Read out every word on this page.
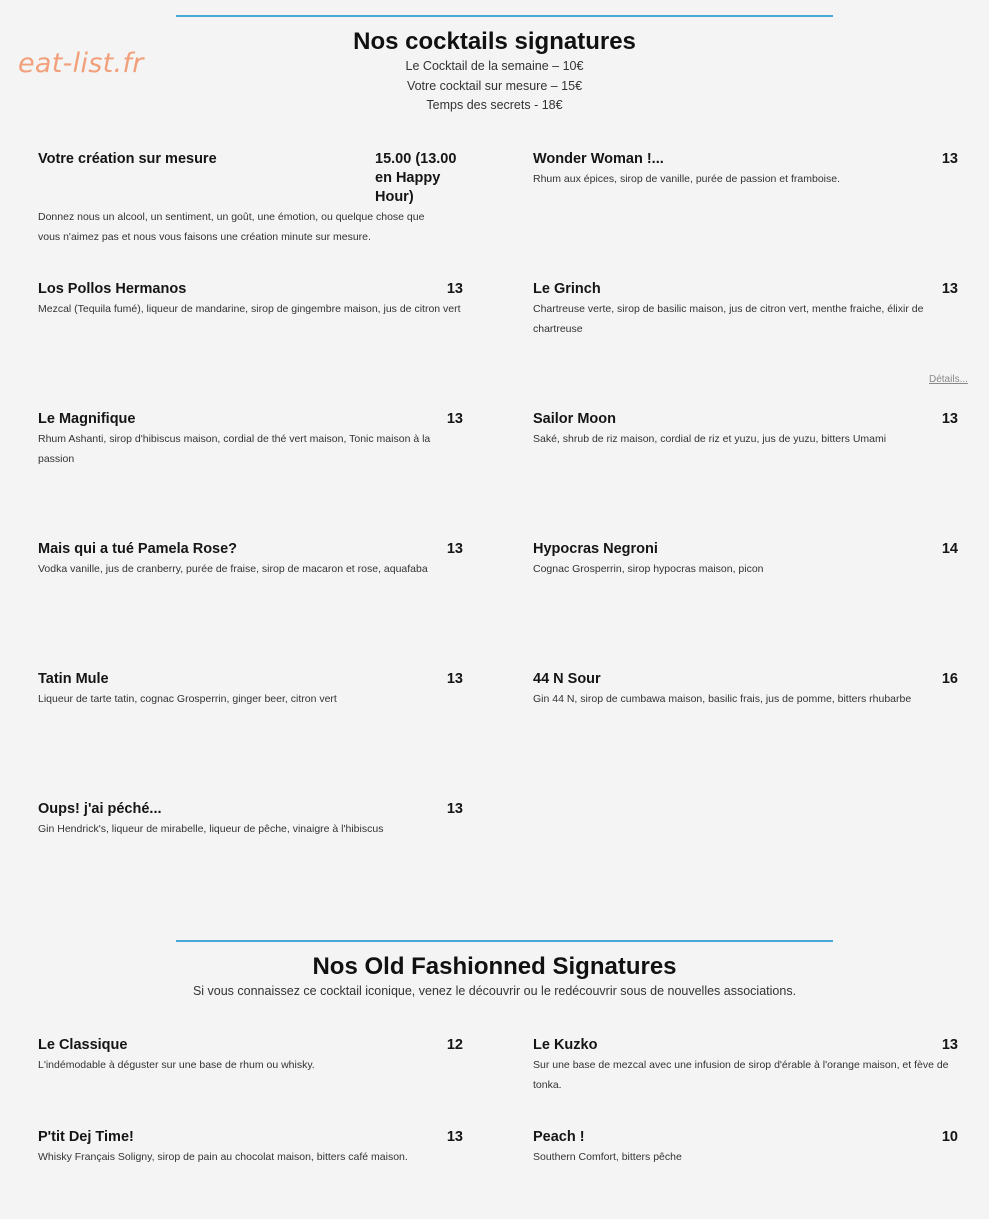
eat-list.fr
Nos cocktails signatures
Le Cocktail de la semaine – 10€
Votre cocktail sur mesure – 15€
Temps des secrets - 18€
Votre création sur mesure	15.00 (13.00 en Happy Hour)
Donnez nous un alcool, un sentiment, un goût, une émotion, ou quelque chose que vous n'aimez pas et nous vous faisons une création minute sur mesure.
Wonder Woman !...	13
Rhum aux épices, sirop de vanille, purée de passion et framboise.
Los Pollos Hermanos	13
Mezcal (Tequila fumé), liqueur de mandarine, sirop de gingembre maison, jus de citron vert
Le Grinch	13
Chartreuse verte, sirop de basilic maison, jus de citron vert, menthe fraiche, élixir de chartreuse
Détails...
Le Magnifique	13
Rhum Ashanti, sirop d'hibiscus maison, cordial de thé vert maison, Tonic maison à la passion
Sailor Moon	13
Saké, shrub de riz maison, cordial de riz et yuzu, jus de yuzu, bitters Umami
Mais qui a tué Pamela Rose?	13
Vodka vanille, jus de cranberry, purée de fraise, sirop de macaron et rose, aquafaba
Hypocras Negroni	14
Cognac Grosperrin, sirop hypocras maison, picon
Tatin Mule	13
Liqueur de tarte tatin, cognac Grosperrin, ginger beer, citron vert
44 N Sour	16
Gin 44 N, sirop de cumbawa maison, basilic frais, jus de pomme, bitters rhubarbe
Oups! j'ai péché...	13
Gin Hendrick's, liqueur de mirabelle, liqueur de pêche, vinaigre à l'hibiscus
Nos Old Fashionned Signatures
Si vous connaissez ce cocktail iconique, venez le découvrir ou le redécouvrir sous de nouvelles associations.
Le Classique	12
L'indémodable à déguster sur une base de rhum ou whisky.
Le Kuzko	13
Sur une base de mezcal avec une infusion de sirop d'érable à l'orange maison, et fève de tonka.
P'tit Dej Time!	13
Whisky Français Soligny, sirop de pain au chocolat maison, bitters café maison.
Peach !	10
Southern Comfort, bitters pêche
